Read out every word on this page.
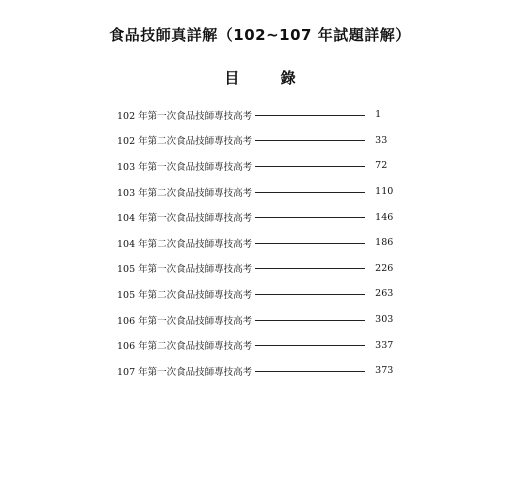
食品技師真詳解（102~107 年試題詳解）
目 錄
102 年第一次食品技師專技高考	1
102 年第二次食品技師專技高考	33
103 年第一次食品技師專技高考	72
103 年第二次食品技師專技高考	110
104 年第一次食品技師專技高考	146
104 年第二次食品技師專技高考	186
105 年第一次食品技師專技高考	226
105 年第二次食品技師專技高考	263
106 年第一次食品技師專技高考	303
106 年第二次食品技師專技高考	337
107 年第一次食品技師專技高考	373
